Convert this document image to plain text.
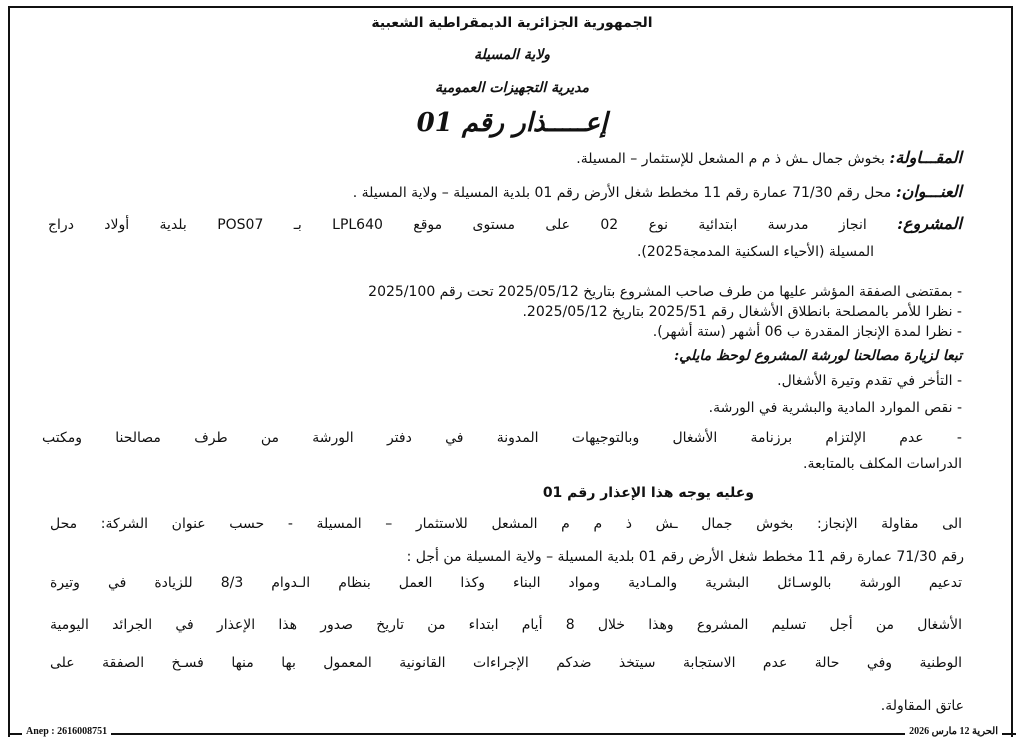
الجمهورية الجزائرية الديمقراطية الشعبية
ولاية المسيلة
مديرية التجهيزات العمومية
إعـــــذار رقم 01
المقـــاولة: بخوش جمال ـش ذ م م المشعل للإستثمار – المسيلة.
العنـــوان: محل رقم 71/30 عمارة رقم 11 مخطط شغل الأرض رقم 01 بلدية المسيلة – ولاية المسيلة .
المشروع: انجاز مدرسة ابتدائية نوع 02 على مستوى موقع LPL640 بـ POS07 بلدية أولاد دراج
المسيلة (الأحياء السكنية المدمجة2025).
- بمقتضى الصفقة المؤشر عليها من طرف صاحب المشروع بتاريخ 2025/05/12 تحت رقم 2025/100
- نظرا للأمر بالمصلحة بانطلاق الأشغال رقم 2025/51 بتاريخ 2025/05/12.
- نظرا لمدة الإنجاز المقدرة ب 06 أشهر (ستة أشهر).
تبعا لزيارة مصالحنا لورشة المشروع لوحظ مايلي:
- التأخر في تقدم وتيرة الأشغال.
- نقص الموارد المادية والبشرية في الورشة.
- عدم الإلتزام برزنامة الأشغال وبالتوجيهات المدونة في دفتر الورشة من طرف مصالحنا ومكتب
الدراسات المكلف بالمتابعة.
وعليه يوجه هذا الإعذار رقم 01
الى مقاولة الإنجاز: بخوش جمال ـش ذ م م المشعل للاستثمار – المسيلة - حسب عنوان الشركة: محل
رقم 71/30 عمارة رقم 11 مخطط شغل الأرض رقم 01 بلدية المسيلة – ولاية المسيلة من أجل :
تدعيم الورشة بالوسـائل البشرية والمـادية ومواد البناء وكذا العمل بنظام الـدوام 8/3 للزيادة في وتيرة
الأشغال من أجل تسليم المشروع وهذا خلال 8 أيام ابتداء من تاريخ صدور هذا الإعذار في الجرائد اليومية
الوطنية وفي حالة عدم الاستجابة سيتخذ ضدكم الإجراءات القانونية المعمول بها منها فسـخ الصفقة على
عاتق المقاولة.
Anep : 2616008751	الحرية 12 مارس 2026
